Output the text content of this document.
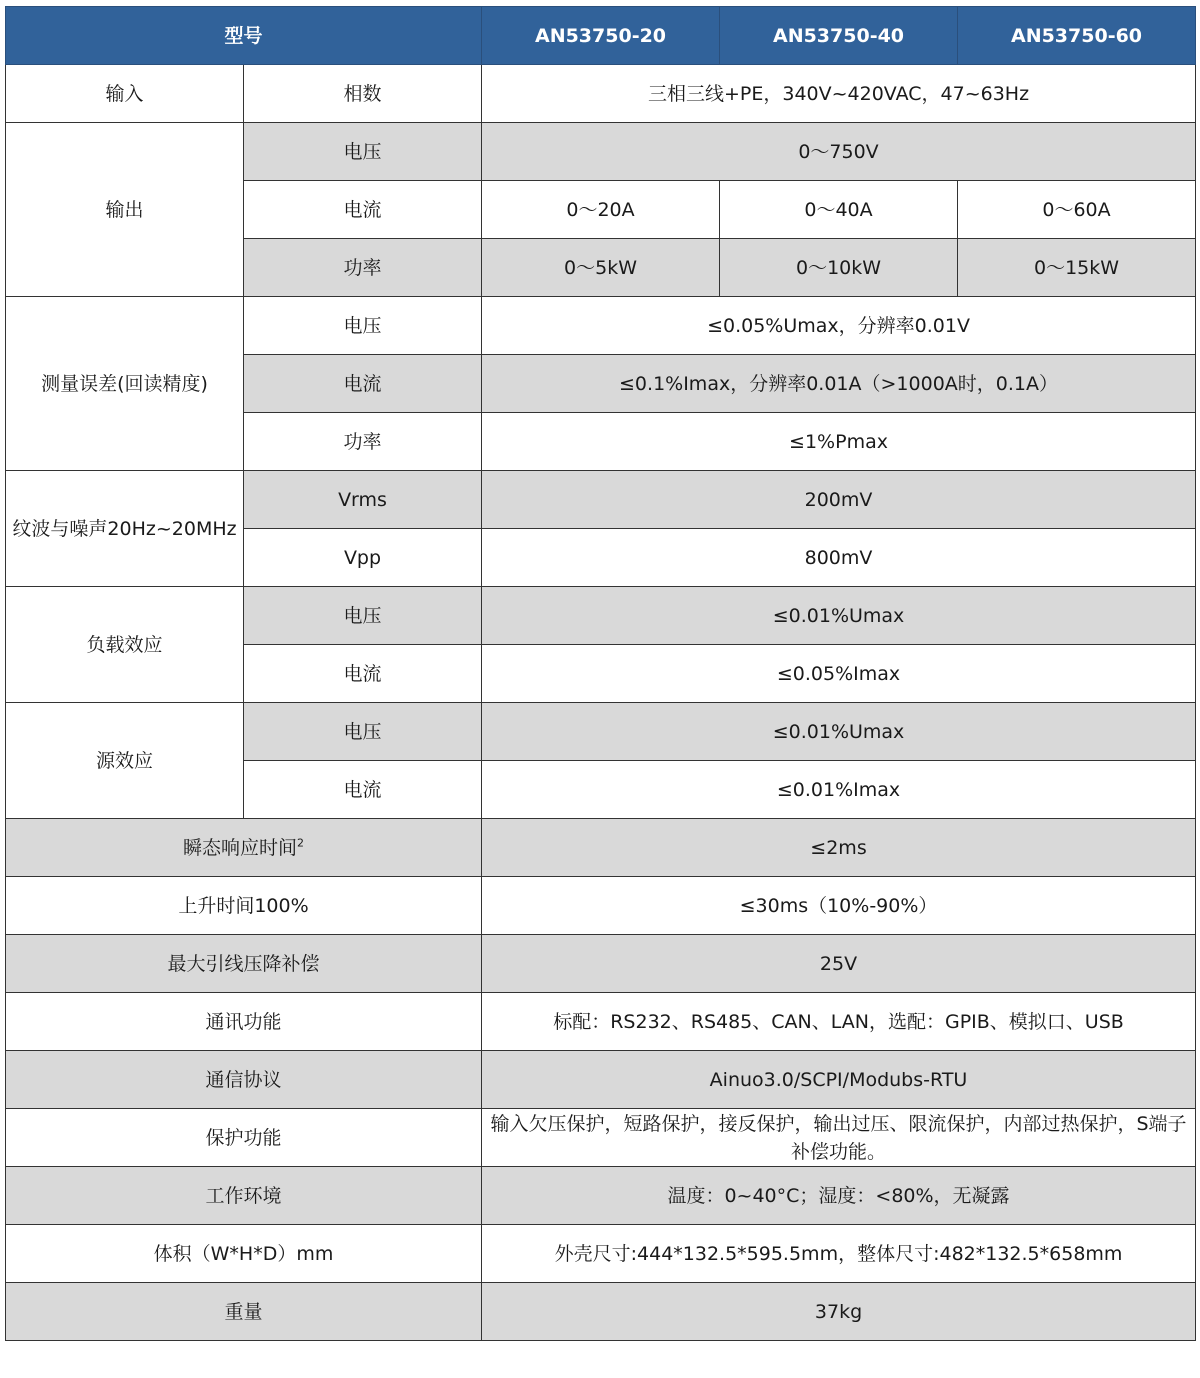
型号		AN53750-20	AN53750-40	AN53750-60
输入	相数	三相三线+PE，340V~420VAC，47~63Hz		
输出	电压	0～750V		
	电流	0～20A	0～40A	0～60A
	功率	0～5kW	0～10kW	0～15kW
测量误差(回读精度)	电压	≤0.05%Umax，分辨率0.01V		
	电流	≤0.1%Imax，分辨率0.01A（>1000A时，0.1A）		
	功率	≤1%Pmax		
纹波与噪声20Hz~20MHz	Vrms	200mV		
	Vpp	800mV		
负载效应	电压	≤0.01%Umax		
	电流	≤0.05%Imax		
源效应	电压	≤0.01%Umax		
	电流	≤0.01%Imax		
瞬态响应时间$^2$		≤2ms		
上升时间100%		≤30ms（10%-90%）		
最大引线压降补偿		25V		
通讯功能		标配：RS232、RS485、CAN、LAN，选配：GPIB、模拟口、USB		
通信协议		Ainuo3.0/SCPI/Modubs-RTU		
保护功能		输入欠压保护，短路保护，接反保护，输出过压、限流保护，内部过热保护，S端子补偿功能。		
工作环境		温度：0~40°C；湿度：<80%，无凝露		
体积（W*H*D）mm		外壳尺寸:444*132.5*595.5mm，整体尺寸:482*132.5*658mm		
重量		37kg		
